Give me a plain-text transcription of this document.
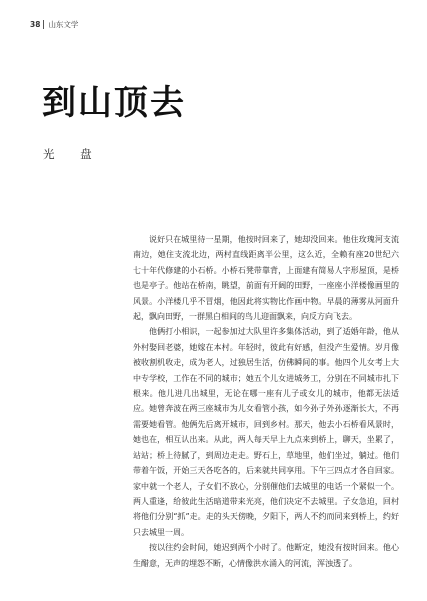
38 山东文学
到山顶去
光 盘

说好只在城里待一星期，他按时回来了，她却没回来。他住玫瑰河支流南边，她住支流北边，两村直线距离半公里，这么近，全赖有座20世纪六七十年代修建的小石桥。小桥石凳带靠背，上面建有简易人字形屋顶，是桥也是亭子。他站在桥南，眺望，前面有开阔的田野，一座座小洋楼像画里的风景。小洋楼几乎不冒烟，他因此将实物比作画中物。早晨的薄雾从河面升起，飘向田野，一群黑白相间的鸟儿迎面飘来，向反方向飞去。

他俩打小相识，一起参加过大队里许多集体活动，到了适婚年龄，他从外村娶回老婆，她嫁在本村。年轻时，彼此有好感，但没产生爱情。岁月像被收割机收走，成为老人，过独居生活，仿佛瞬间的事。他四个儿女考上大中专学校，工作在不同的城市；她五个儿女进城务工，分别在不同城市扎下根来。他儿进几出城里，无论在哪一座有儿子或女儿的城市，他都无法适应。她曾奔波在两三座城市为儿女看管小孩，如今孙子外孙逐渐长大，不再需要她看管。他俩先后离开城市，回到乡村。那天，他去小石桥看风景时，她也在，相互认出来。从此，两人每天早上九点来到桥上，聊天，坐累了，站站；桥上待腻了，到周边走走。野石上，草地里，他们坐过，躺过。他们带着午饭，开始三天各吃各的，后来就共同享用。下午三四点才各自回家。家中就一个老人，子女们不放心，分别催他们去城里的电话一个紧似一个。两人重逢，给彼此生活暗道带来光亮，他们决定不去城里。子女急迫，回村将他们分别“抓”走。走的头天傍晚，夕阳下，两人不约而同来到桥上，约好只去城里一周。

按以往约会时间，她迟到两个小时了。他断定，她没有按时回来。他心生醋意，无声的埋怨不断，心情像洪水涌入的河流，浑浊透了。
